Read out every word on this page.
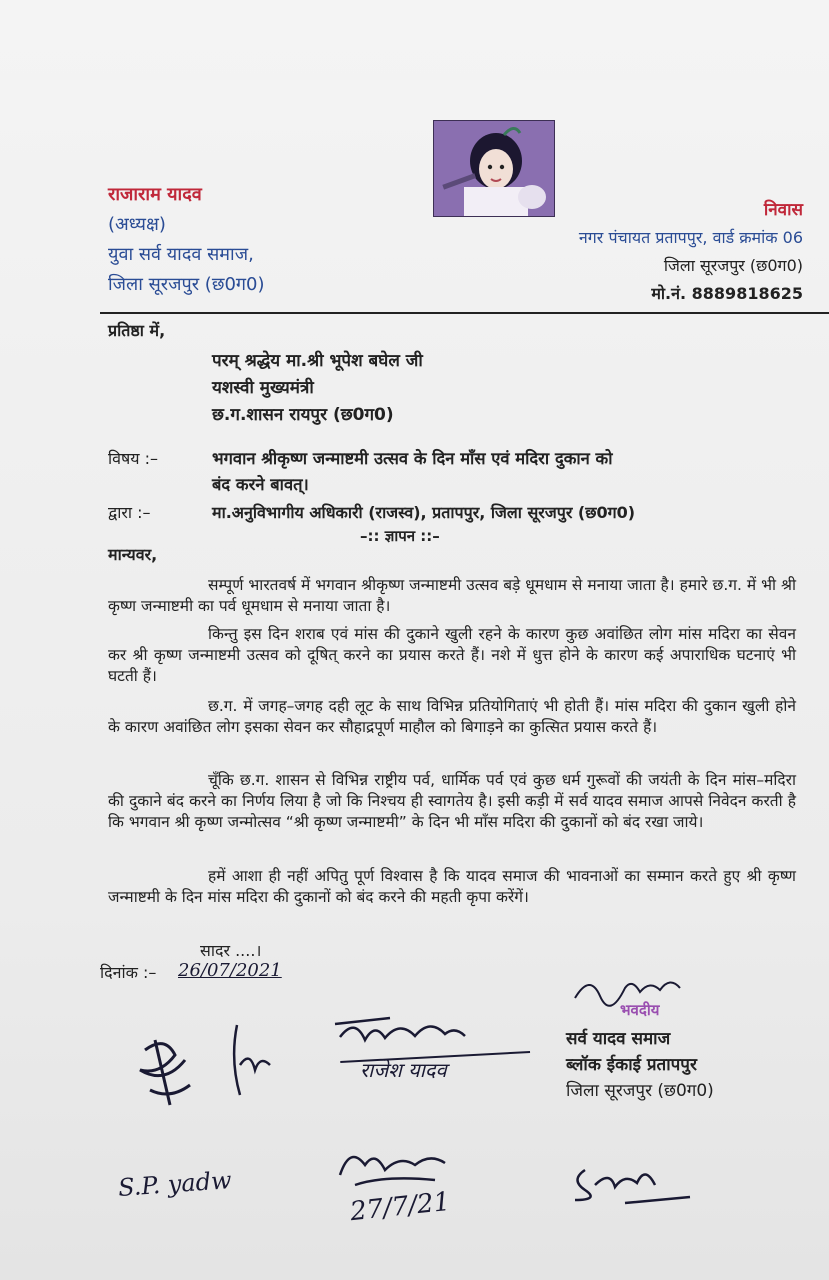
राजाराम यादव
(अध्यक्ष)
युवा सर्व यादव समाज,
जिला सूरजपुर (छ0ग0)
निवास
नगर पंचायत प्रतापपुर, वार्ड क्रमांक 06
जिला सूरजपुर (छ0ग0)
मो.नं. 8889818625
प्रतिष्ठा में,
परम् श्रद्धेय मा.श्री भूपेश बघेल जी
यशस्वी मुख्यमंत्री
छ.ग.शासन रायपुर (छ0ग0)
विषय :–	भगवान श्रीकृष्ण जन्माष्टमी उत्सव के दिन माँस एवं मदिरा दुकान को
बंद करने बावत्।
द्वारा :–	मा.अनुविभागीय अधिकारी (राजस्व), प्रतापपुर, जिला सूरजपुर (छ0ग0)
–:: ज्ञापन ::–
मान्यवर,
सम्पूर्ण भारतवर्ष में भगवान श्रीकृष्ण जन्माष्टमी उत्सव बड़े धूमधाम से मनाया जाता है। हमारे छ.ग. में भी श्री कृष्ण जन्माष्टमी का पर्व धूमधाम से मनाया जाता है।
किन्तु इस दिन शराब एवं मांस की दुकाने खुली रहने के कारण कुछ अवांछित लोग मांस मदिरा का सेवन कर श्री कृष्ण जन्माष्टमी उत्सव को दूषित् करने का प्रयास करते हैं। नशे में धुत्त होने के कारण कई अपाराधिक घटनाएं भी घटती हैं।
छ.ग. में जगह–जगह दही लूट के साथ विभिन्न प्रतियोगिताएं भी होती हैं। मांस मदिरा की दुकान खुली होने के कारण अवांछित लोग इसका सेवन कर सौहाद्रपूर्ण माहौल को बिगाड़ने का कुत्सित प्रयास करते हैं।
चूँकि छ.ग. शासन से विभिन्न राष्ट्रीय पर्व, धार्मिक पर्व एवं कुछ धर्म गुरूवों की जयंती के दिन मांस–मदिरा की दुकाने बंद करने का निर्णय लिया है जो कि निश्चय ही स्वागतेय है। इसी कड़ी में सर्व यादव समाज आपसे निवेदन करती है कि भगवान श्री कृष्ण जन्मोत्सव “श्री कृष्ण जन्माष्टमी” के दिन भी माँस मदिरा की दुकानों को बंद रखा जाये।
हमें आशा ही नहीं अपितु पूर्ण विश्वास है कि यादव समाज की भावनाओं का सम्मान करते हुए श्री कृष्ण जन्माष्टमी के दिन मांस मदिरा की दुकानों को बंद करने की महती कृपा करेंगें।
सादर ....।
दिनांक :– 26/07/2021
भवदीय
सर्व यादव समाज
ब्लॉक ईकाई प्रतापपुर
जिला सूरजपुर (छ0ग0)
राजेश यादव
S.P. yadw
27/7/21
